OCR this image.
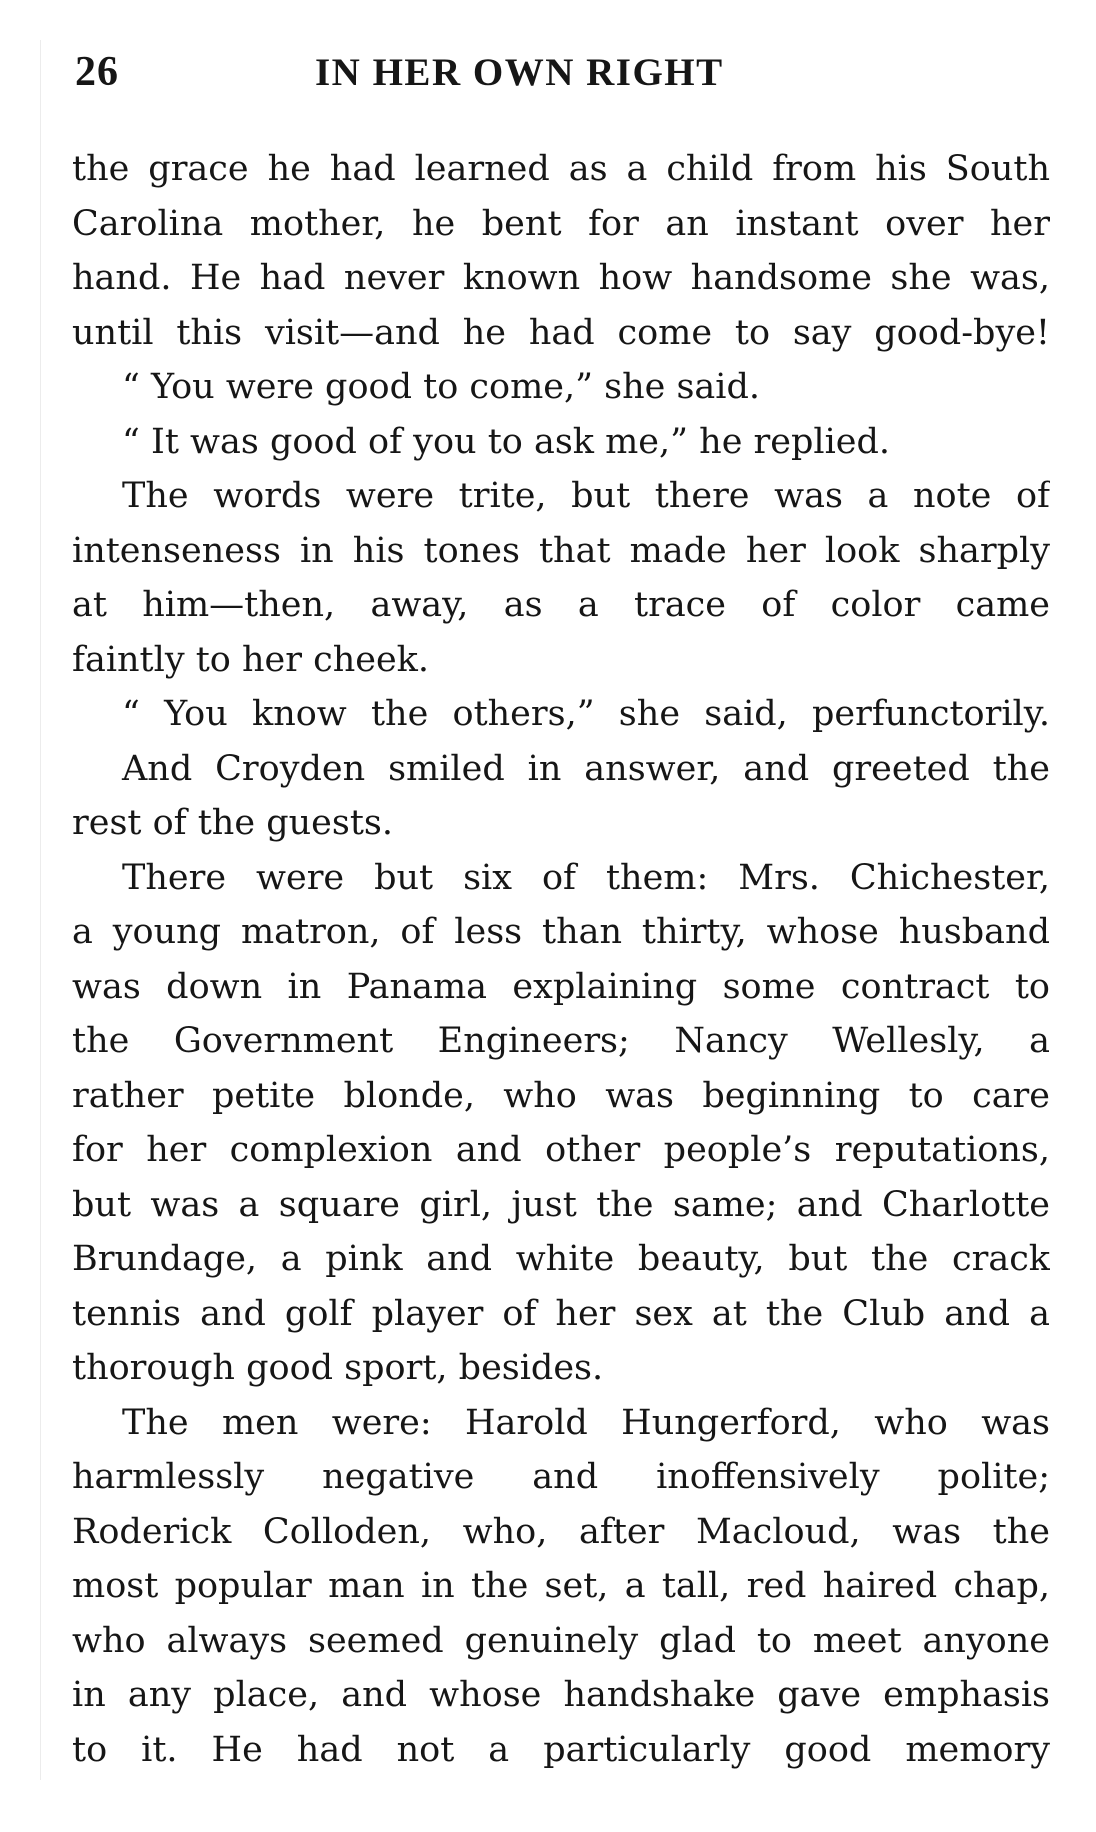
26	IN HER OWN RIGHT
the grace he had learned as a child from his South
Carolina mother, he bent for an instant over her
hand. He had never known how handsome she was,
until this visit—and he had come to say good-bye!
“ You were good to come,” she said.
“ It was good of you to ask me,” he replied.
The words were trite, but there was a note of
intenseness in his tones that made her look sharply
at him—then, away, as a trace of color came
faintly to her cheek.
“ You know the others,” she said, perfunctorily.
And Croyden smiled in answer, and greeted the
rest of the guests.
There were but six of them: Mrs. Chichester,
a young matron, of less than thirty, whose husband
was down in Panama explaining some contract to
the Government Engineers; Nancy Wellesly, a
rather petite blonde, who was beginning to care
for her complexion and other people’s reputations,
but was a square girl, just the same; and Charlotte
Brundage, a pink and white beauty, but the crack
tennis and golf player of her sex at the Club and a
thorough good sport, besides.
The men were: Harold Hungerford, who was
harmlessly negative and inoffensively polite;
Roderick Colloden, who, after Macloud, was the
most popular man in the set, a tall, red haired chap,
who always seemed genuinely glad to meet anyone
in any place, and whose handshake gave emphasis
to it. He had not a particularly good memory
